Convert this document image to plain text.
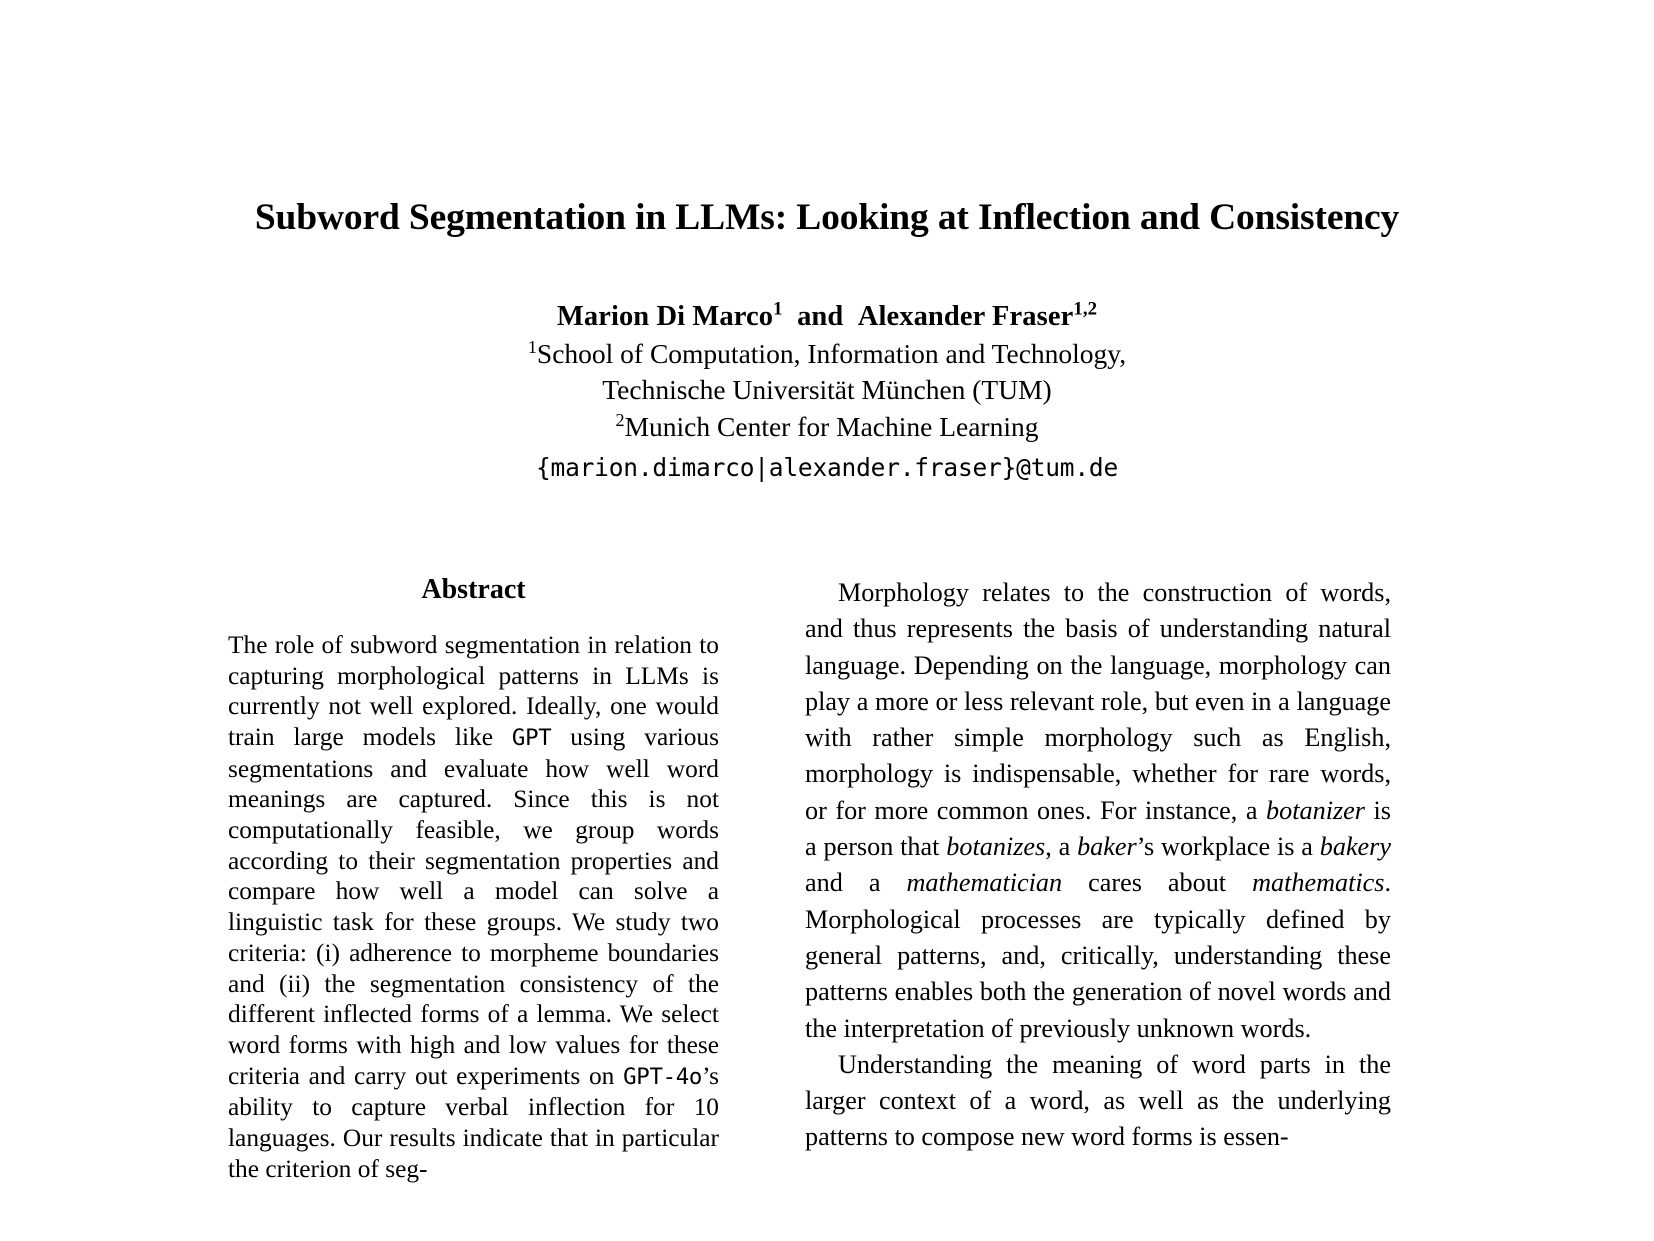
Subword Segmentation in LLMs: Looking at Inflection and Consistency

Marion Di Marco$^1$ and Alexander Fraser$^{1,2}$

$^1$School of Computation, Information and Technology,

Technische Universität München (TUM)

$^2$Munich Center for Machine Learning

{marion.dimarco|alexander.fraser}@tum.de

Abstract

The role of subword segmentation in relation to capturing morphological patterns in LLMs is currently not well explored. Ideally, one would train large models like GPT using various segmentations and evaluate how well word meanings are captured. Since this is not computationally feasible, we group words according to their segmentation properties and compare how well a model can solve a linguistic task for these groups. We study two criteria: (i) adherence to morpheme boundaries and (ii) the segmentation consistency of the different inflected forms of a lemma. We select word forms with high and low values for these criteria and carry out experiments on GPT-4o’s ability to capture verbal inflection for 10 languages. Our results indicate that in particular the criterion of seg-

Morphology relates to the construction of words, and thus represents the basis of understanding natural language. Depending on the language, morphology can play a more or less relevant role, but even in a language with rather simple morphology such as English, morphology is indispensable, whether for rare words, or for more common ones. For instance, a botanizer is a person that botanizes, a baker’s workplace is a bakery and a mathematician cares about mathematics. Morphological processes are typically defined by general patterns, and, critically, understanding these patterns enables both the generation of novel words and the interpretation of previously unknown words.

Understanding the meaning of word parts in the larger context of a word, as well as the underlying patterns to compose new word forms is essen-
